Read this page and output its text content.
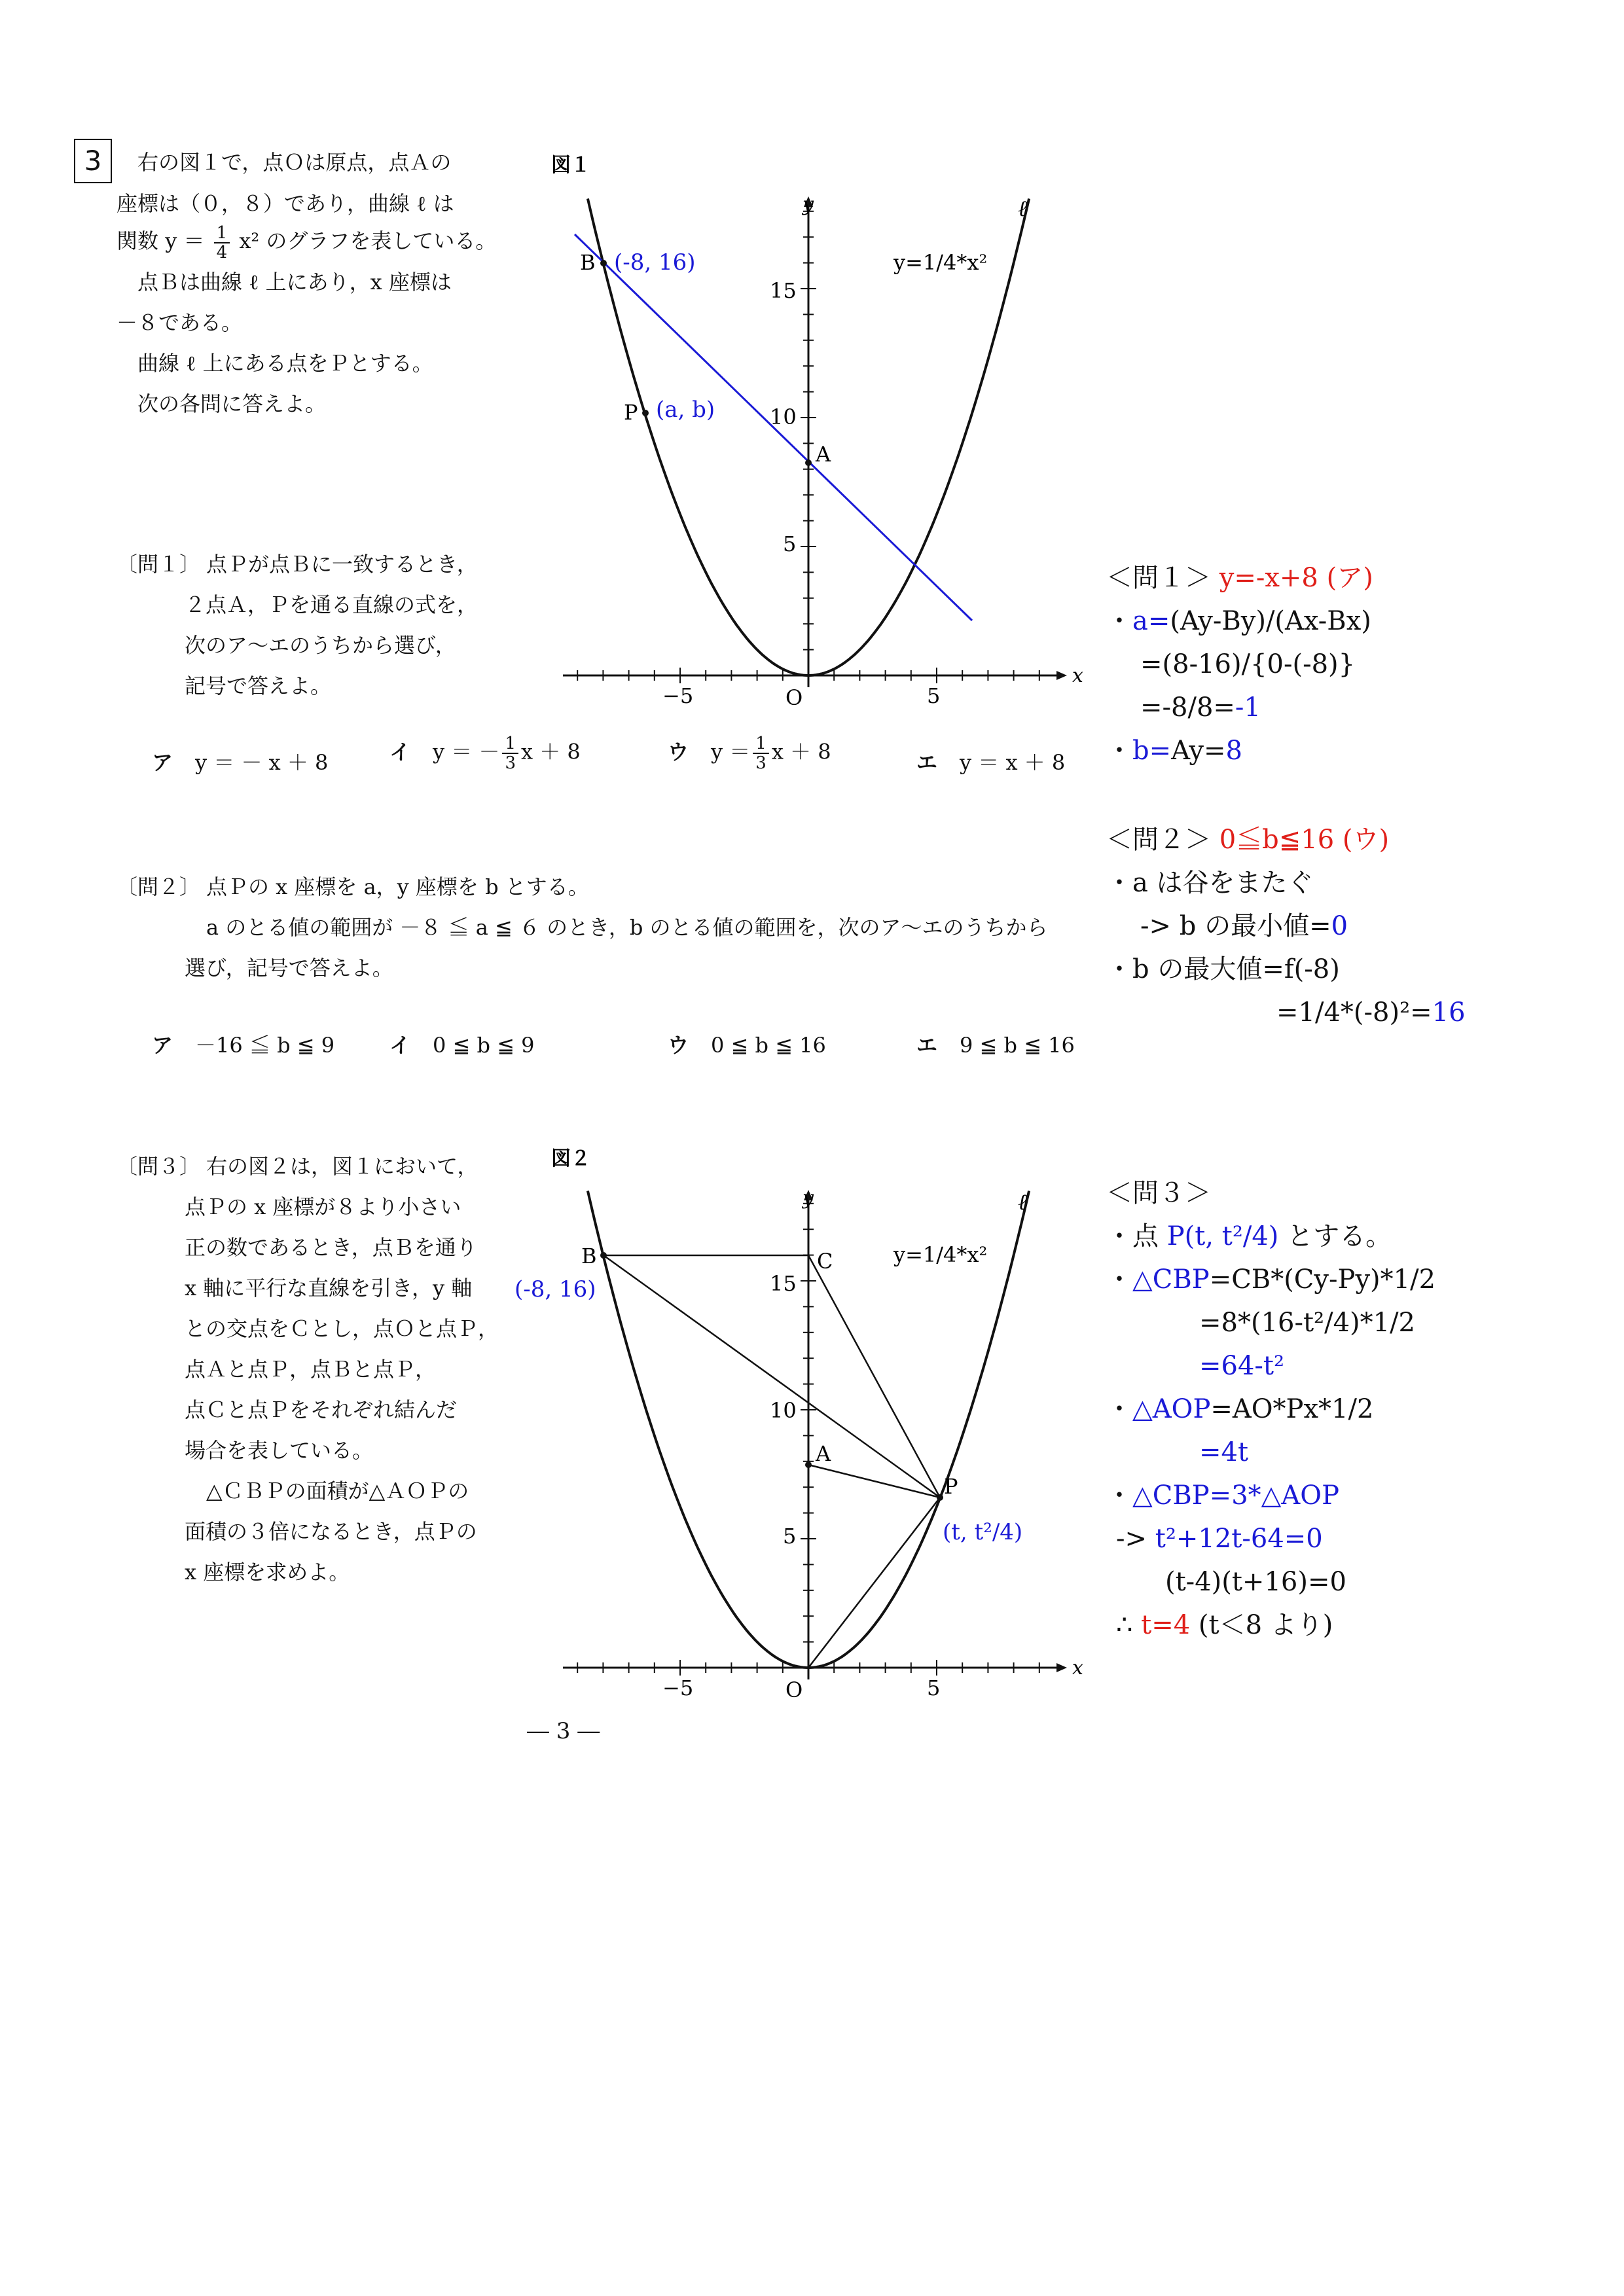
3	右の図１で，点Ｏは原点，点Ａの
座標は（０，８）であり，曲線 ℓ は
関数 $y = \frac{1}{4} x^2$ のグラフを表している。
点Ｂは曲線 ℓ 上にあり，x 座標は
－８である。
曲線 ℓ 上にある点をＰとする。
次の各問に答えよ。
〔問１〕 点Ｐが点Ｂに一致するとき，
２点Ａ，Ｐを通る直線の式を，
次のア～エのうちから選び，
記号で答えよ。
ア y ＝ － x ＋ 8	イ y ＝ － $\frac{1}{3}$ x ＋ 8	ウ $y = \frac{1}{3}$ x ＋ 8	エ y ＝ x ＋ 8
〔問２〕 点Ｐの x 座標を a，y 座標を b とする。
a のとる値の範囲が －８ ≦ a ≦ ６ のとき，b のとる値の範囲を，次のア～エのうちから
選び，記号で答えよ。
ア －16 ≦ b ≦ 9	イ 0 ≦ b ≦ 9	ウ 0 ≦ b ≦ 16	エ 9 ≦ b ≦ 16
〔問３〕 右の図２は，図１において，
点Ｐの x 座標が８より小さい
正の数であるとき，点Ｂを通り
x 軸に平行な直線を引き，y 軸
との交点をＣとし，点Ｏと点Ｐ，
点Ａと点Ｐ，点Ｂと点Ｐ，
点Ｃと点Ｐをそれぞれ結んだ
場合を表している。
△ＣＢＰの面積が△ＡＯＰの
面積の３倍になるとき，点Ｐの
x 座標を求めよ。
図１
x
y
−5	5
15
10
5
O
B (-8, 16)
P (a, b)
A
y=1/4*x²
ℓ
図２
x
y
−5	5
15
10
5
O
B
(-8, 16)
C
A
P
(t, t²/4)
y=1/4*x²
ℓ
― 3 ―
＜問１＞ y=-x+8 (ア)
・a=(Ay-By)/(Ax-Bx)
=(8-16)/{0-(-8)}
=-8/8=-1
・b=Ay=8
＜問２＞ 0≦b≦16 (ウ)
・a は谷をまたぐ
-> b の最小値=0
・b の最大値=f(-8)
=1/4*(-8)²=16
＜問３＞
・点 P(t, t²/4) とする。
・△CBP=CB*(Cy-Py)*1/2
=8*(16-t²/4)*1/2
=64-t²
・△AOP=AO*Px*1/2
=4t
・△CBP=3*△AOP
-> t²+12t-64=0
(t-4)(t+16)=0
∴ t=4 (t＜8 より)
